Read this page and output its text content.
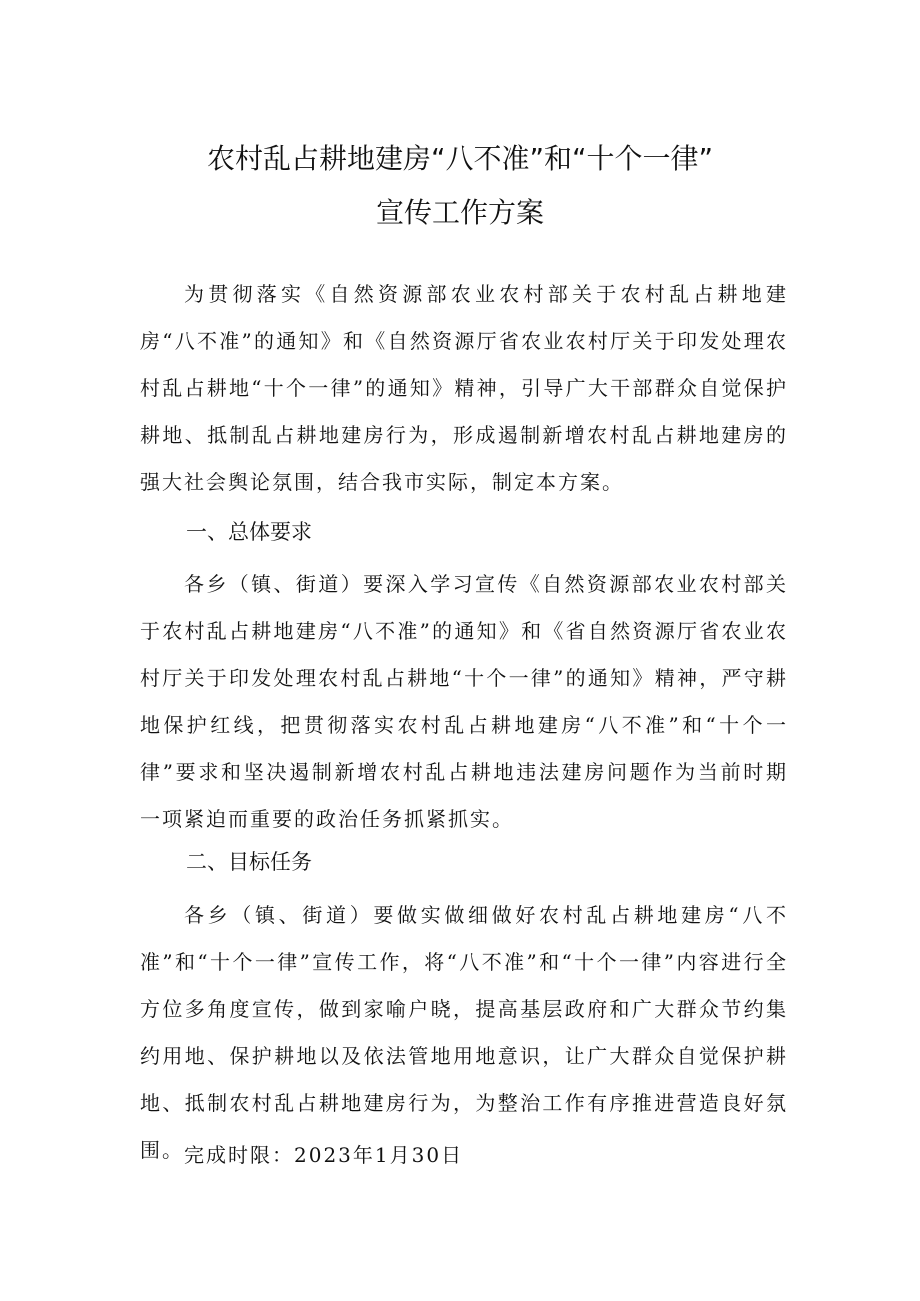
农村乱占耕地建房“八不准”和“十个一律”
宣传工作方案

为贯彻落实《自然资源部农业农村部关于农村乱占耕地建房“八不准”的通知》和《自然资源厅省农业农村厅关于印发处理农村乱占耕地“十个一律”的通知》精神，引导广大干部群众自觉保护耕地、抵制乱占耕地建房行为，形成遏制新增农村乱占耕地建房的强大社会舆论氛围，结合我市实际，制定本方案。

一、总体要求

各乡（镇、街道）要深入学习宣传《自然资源部农业农村部关于农村乱占耕地建房“八不准”的通知》和《省自然资源厅省农业农村厅关于印发处理农村乱占耕地“十个一律”的通知》精神，严守耕地保护红线，把贯彻落实农村乱占耕地建房“八不准”和“十个一律”要求和坚决遏制新增农村乱占耕地违法建房问题作为当前时期一项紧迫而重要的政治任务抓紧抓实。

二、目标任务

各乡（镇、街道）要做实做细做好农村乱占耕地建房“八不准”和“十个一律”宣传工作，将“八不准”和“十个一律”内容进行全方位多角度宣传，做到家喻户晓，提高基层政府和广大群众节约集约用地、保护耕地以及依法管地用地意识，让广大群众自觉保护耕地、抵制农村乱占耕地建房行为，为整治工作有序推进营造良好氛围。 完成时限：2023年1月30日
